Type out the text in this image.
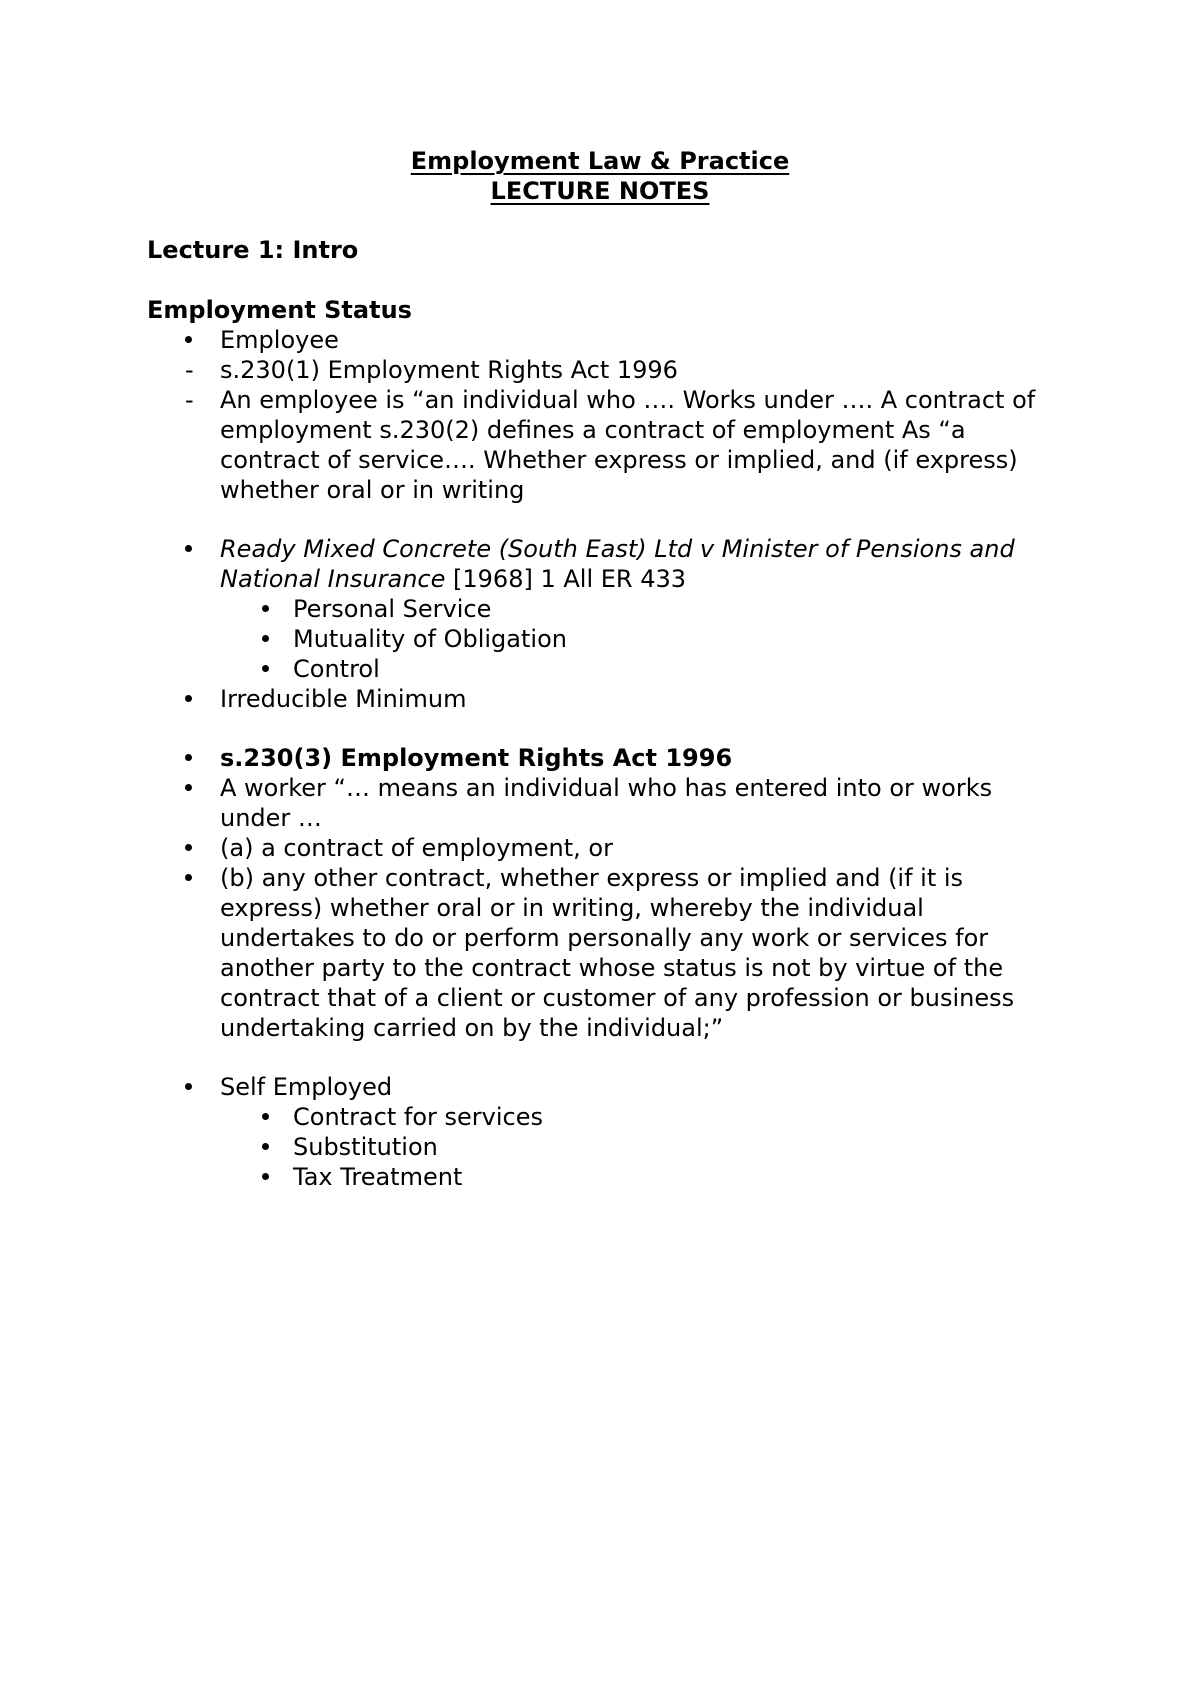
Employment Law & Practice
LECTURE NOTES
Lecture 1: Intro
Employment Status
Employee
- s.230(1) Employment Rights Act 1996
- An employee is “an individual who …. Works under …. A contract of
employment s.230(2) defines a contract of employment As “a
contract of service…. Whether express or implied, and (if express)
whether oral or in writing
Ready Mixed Concrete (South East) Ltd v Minister of Pensions and
National Insurance [1968] 1 All ER 433
Personal Service
Mutuality of Obligation
Control
Irreducible Minimum
s.230(3) Employment Rights Act 1996
A worker “… means an individual who has entered into or works
under …
(a) a contract of employment, or
(b) any other contract, whether express or implied and (if it is
express) whether oral or in writing, whereby the individual
undertakes to do or perform personally any work or services for
another party to the contract whose status is not by virtue of the
contract that of a client or customer of any profession or business
undertaking carried on by the individual;”
Self Employed
Contract for services
Substitution
Tax Treatment
